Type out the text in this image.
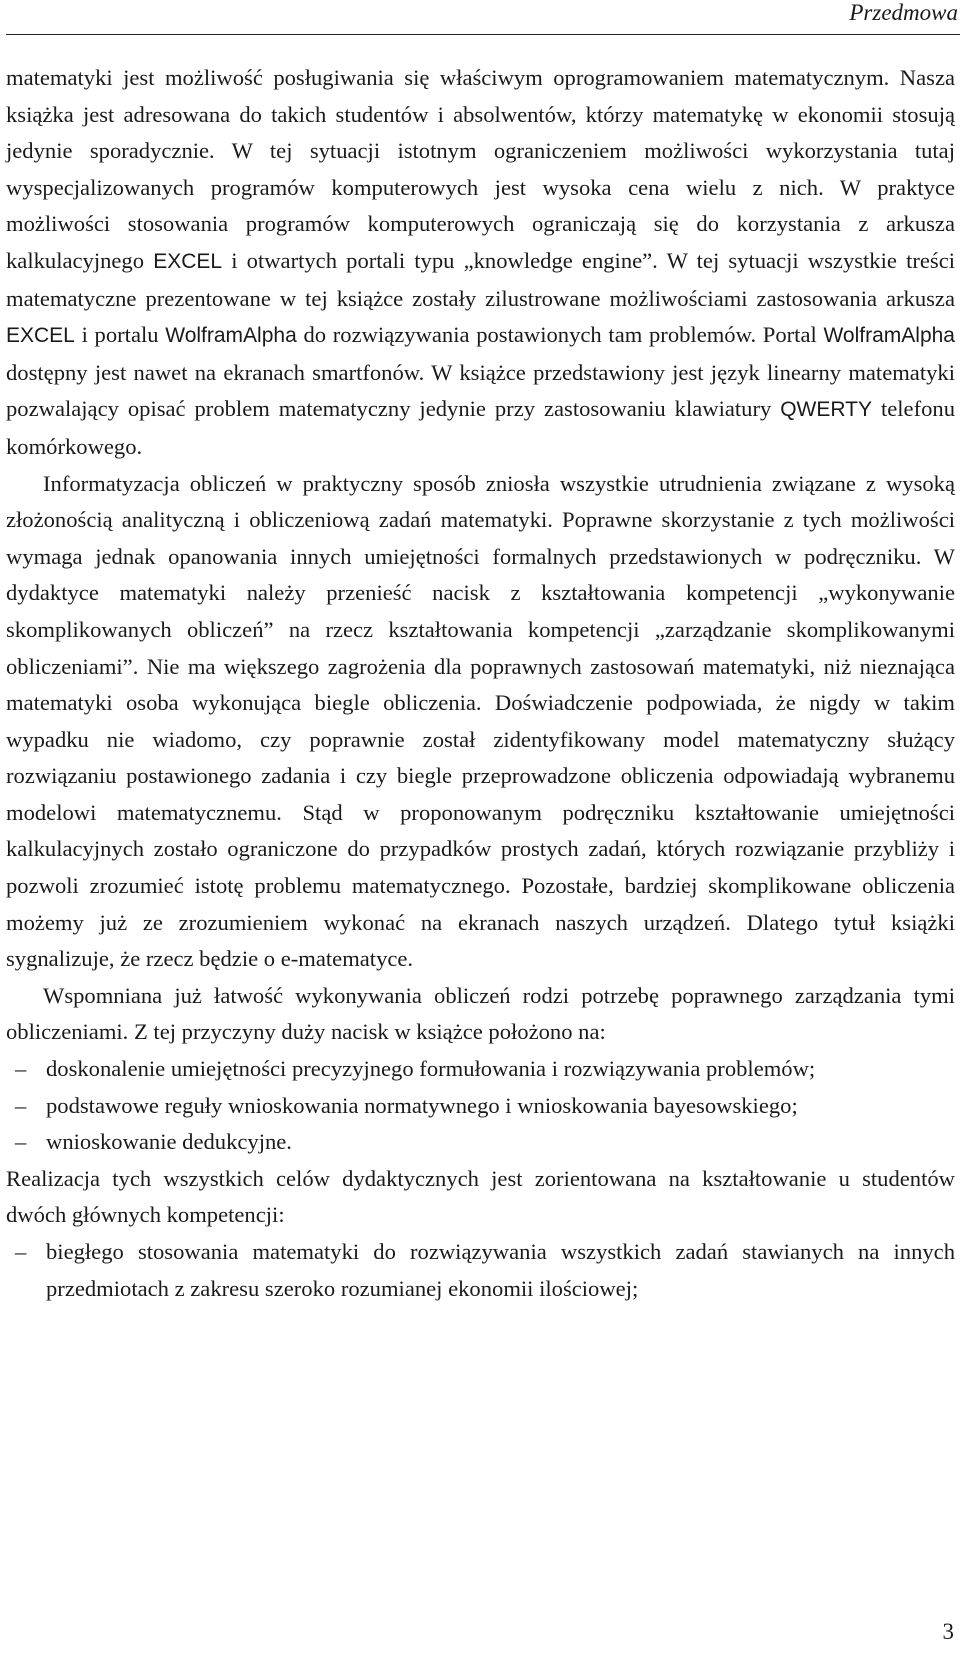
Przedmowa

matematyki jest możliwość posługiwania się właściwym oprogramowaniem matematycznym. Nasza książka jest adresowana do takich studentów i absolwentów, którzy matematykę w ekonomii stosują jedynie sporadycznie. W tej sytuacji istotnym ograniczeniem możliwości wykorzystania tutaj wyspecjalizowanych programów komputerowych jest wysoka cena wielu z nich. W praktyce możliwości stosowania programów komputerowych ograniczają się do korzystania z arkusza kalkulacyjnego EXCEL i otwartych portali typu „knowledge engine”. W tej sytuacji wszystkie treści matematyczne prezentowane w tej książce zostały zilustrowane możliwościami zastosowania arkusza EXCEL i portalu WolframAlpha do rozwiązywania postawionych tam problemów. Portal WolframAlpha dostępny jest nawet na ekranach smartfonów. W książce przedstawiony jest język linearny matematyki pozwalający opisać problem matematyczny jedynie przy zastosowaniu klawiatury QWERTY telefonu komórkowego.

Informatyzacja obliczeń w praktyczny sposób zniosła wszystkie utrudnienia związane z wysoką złożonością analityczną i obliczeniową zadań matematyki. Poprawne skorzystanie z tych możliwości wymaga jednak opanowania innych umiejętności formalnych przedstawionych w podręczniku. W dydaktyce matematyki należy przenieść nacisk z kształtowania kompetencji „wykonywanie skomplikowanych obliczeń” na rzecz kształtowania kompetencji „zarządzanie skomplikowanymi obliczeniami”. Nie ma większego zagrożenia dla poprawnych zastosowań matematyki, niż nieznająca matematyki osoba wykonująca biegle obliczenia. Doświadczenie podpowiada, że nigdy w takim wypadku nie wiadomo, czy poprawnie został zidentyfikowany model matematyczny służący rozwiązaniu postawionego zadania i czy biegle przeprowadzone obliczenia odpowiadają wybranemu modelowi matematycznemu. Stąd w proponowanym podręczniku kształtowanie umiejętności kalkulacyjnych zostało ograniczone do przypadków prostych zadań, których rozwiązanie przybliży i pozwoli zrozumieć istotę problemu matematycznego. Pozostałe, bardziej skomplikowane obliczenia możemy już ze zrozumieniem wykonać na ekranach naszych urządzeń. Dlatego tytuł książki sygnalizuje, że rzecz będzie o e-matematyce.

Wspomniana już łatwość wykonywania obliczeń rodzi potrzebę poprawnego zarządzania tymi obliczeniami. Z tej przyczyny duży nacisk w książce położono na:

– doskonalenie umiejętności precyzyjnego formułowania i rozwiązywania problemów;
– podstawowe reguły wnioskowania normatywnego i wnioskowania bayesowskiego;
– wnioskowanie dedukcyjne.

Realizacja tych wszystkich celów dydaktycznych jest zorientowana na kształtowanie u studentów dwóch głównych kompetencji:

– biegłego stosowania matematyki do rozwiązywania wszystkich zadań stawianych na innych przedmiotach z zakresu szeroko rozumianej ekonomii ilościowej;
3
